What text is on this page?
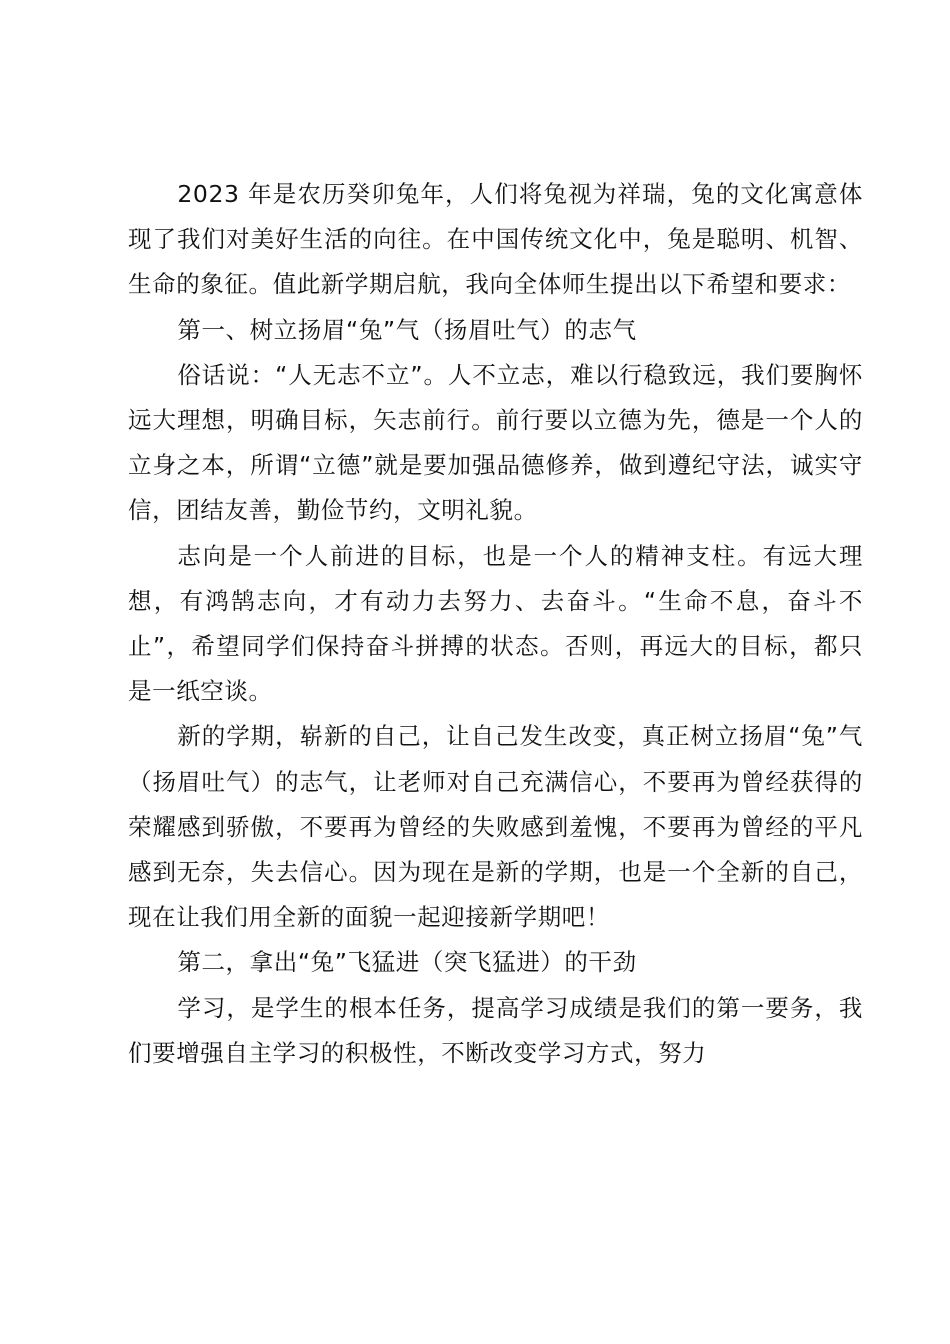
2023 年是农历癸卯兔年，人们将兔视为祥瑞，兔的文化寓意体现了我们对美好生活的向往。在中国传统文化中，兔是聪明、机智、生命的象征。值此新学期启航，我向全体师生提出以下希望和要求：

第一、树立扬眉“兔”气（扬眉吐气）的志气

俗话说：“人无志不立”。人不立志，难以行稳致远，我们要胸怀远大理想，明确目标，矢志前行。前行要以立德为先，德是一个人的立身之本，所谓“立德”就是要加强品德修养，做到遵纪守法，诚实守信，团结友善，勤俭节约，文明礼貌。

志向是一个人前进的目标，也是一个人的精神支柱。有远大理想，有鸿鹄志向，才有动力去努力、去奋斗。“生命不息，奋斗不止”，希望同学们保持奋斗拼搏的状态。否则，再远大的目标，都只是一纸空谈。

新的学期，崭新的自己，让自己发生改变，真正树立扬眉“兔”气（扬眉吐气）的志气，让老师对自己充满信心，不要再为曾经获得的荣耀感到骄傲，不要再为曾经的失败感到羞愧，不要再为曾经的平凡感到无奈，失去信心。因为现在是新的学期，也是一个全新的自己，现在让我们用全新的面貌一起迎接新学期吧！

第二，拿出“兔”飞猛进（突飞猛进）的干劲

学习，是学生的根本任务，提高学习成绩是我们的第一要务，我们要增强自主学习的积极性，不断改变学习方式，努力
